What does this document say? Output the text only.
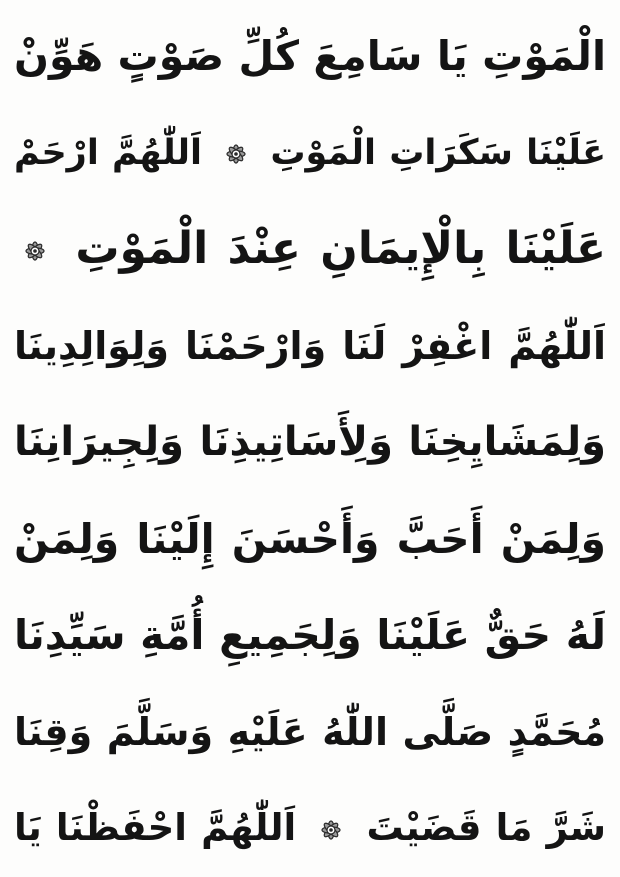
الْمَوْتِ يَا سَامِعَ كُلِّ صَوْتٍ هَوِّنْ
عَلَيْنَا سَكَرَاتِ الْمَوْتِ  اَللّٰهُمَّ ارْحَمْ
عَلَيْنَا بِالْإِيمَانِ عِنْدَ الْمَوْتِ
اَللّٰهُمَّ اغْفِرْ لَنَا وَارْحَمْنَا وَلِوَالِدِينَا
وَلِمَشَايِخِنَا وَلِأَسَاتِيذِنَا وَلِجِيرَانِنَا
وَلِمَنْ أَحَبَّ وَأَحْسَنَ إِلَيْنَا وَلِمَنْ
لَهُ حَقٌّ عَلَيْنَا وَلِجَمِيعِ أُمَّةِ سَيِّدِنَا
مُحَمَّدٍ صَلَّى اللّٰهُ عَلَيْهِ وَسَلَّمَ وَقِنَا
شَرَّ مَا قَضَيْتَ  اَللّٰهُمَّ احْفَظْنَا يَا
